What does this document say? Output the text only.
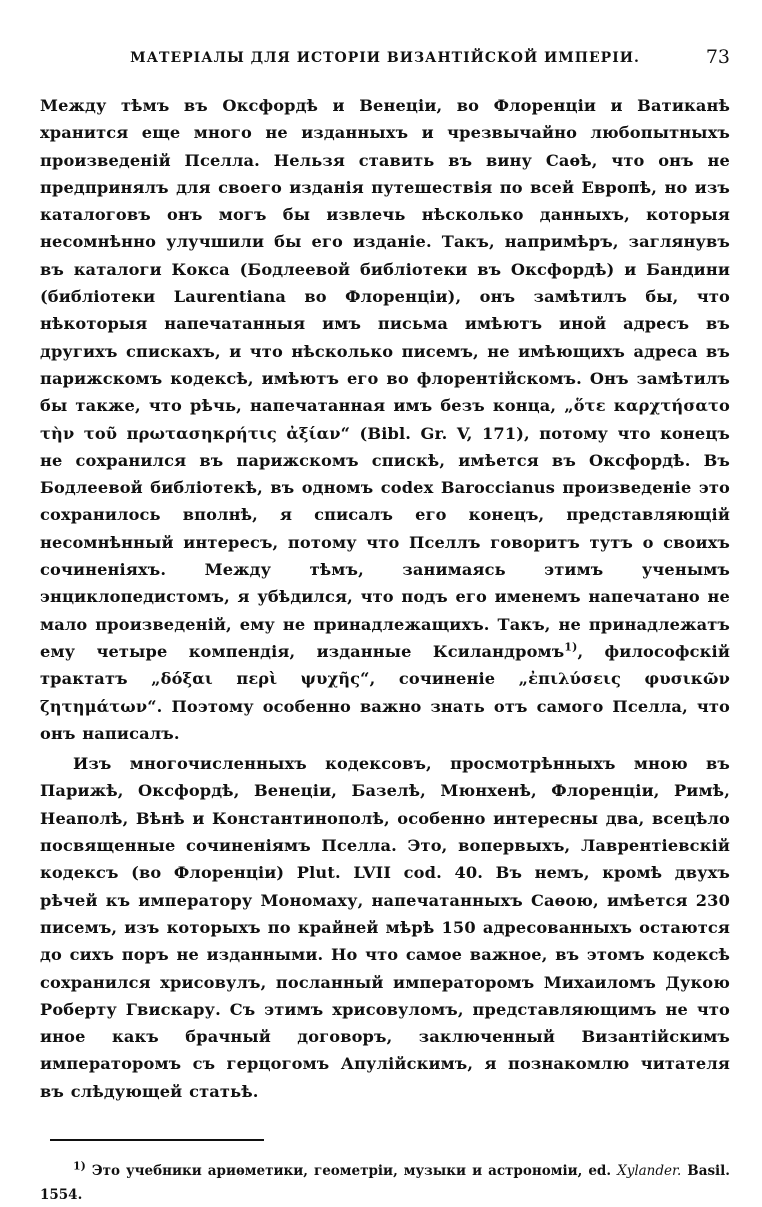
МАТЕРІАЛЫ ДЛЯ ИСТОРІИ ВИЗАНТІЙСКОЙ ИМПЕРІИ.	73

Между тѣмъ въ Оксфордѣ и Венеціи, во Флоренціи и Ватиканѣ хранится еще много не изданныхъ и чрезвычайно любопытныхъ произведеній Пселла. Нельзя ставить въ вину Саѳѣ, что онъ не предпринялъ для своего изданія путешествія по всей Европѣ, но изъ каталоговъ онъ могъ бы извлечь нѣсколько данныхъ, которыя несомнѣнно улучшили бы его изданіе. Такъ, напримѣръ, заглянувъ въ каталоги Кокса (Бодлеевой библіотеки въ Оксфордѣ) и Бандини (библіотеки Laurentiana во Флоренціи), онъ замѣтилъ бы, что нѣкоторыя напечатанныя имъ письма имѣютъ иной адресъ въ другихъ спискахъ, и что нѣсколько писемъ, не имѣющихъ адреса въ парижскомъ кодексѣ, имѣютъ его во флорентійскомъ. Онъ замѣтилъ бы также, что рѣчь, напечатанная имъ безъ конца, „ὅτε καρχτήσατο τὴν τοῦ πρωτασηκρήτις ἀξίαν“ (Bibl. Gr. V, 171), потому что конецъ не сохранился въ парижскомъ спискѣ, имѣется въ Оксфордѣ. Въ Бодлеевой библіотекѣ, въ одномъ codex Baroccianus произведеніе это сохранилось вполнѣ, я списалъ его конецъ, представляющій несомнѣнный интересъ, потому что Пселлъ говоритъ тутъ о своихъ сочиненіяхъ. Между тѣмъ, занимаясь этимъ ученымъ энциклопедистомъ, я убѣдился, что подъ его именемъ напечатано не мало произведеній, ему не принадлежащихъ. Такъ, не принадлежатъ ему четыре компендія, изданные Ксиландромъ$^{1)}$, философскій трактатъ „δόξαι περὶ ψυχῆς“, сочиненіе „ἐπιλύσεις φυσικῶν ζητημάτων“. Поэтому особенно важно знать отъ самого Пселла, что онъ написалъ.

Изъ многочисленныхъ кодексовъ, просмотрѣнныхъ мною въ Парижѣ, Оксфордѣ, Венеціи, Базелѣ, Мюнхенѣ, Флоренціи, Римѣ, Неаполѣ, Вѣнѣ и Константинополѣ, особенно интересны два, всецѣло посвященные сочиненіямъ Пселла. Это, вопервыхъ, Лаврентіевскій кодексъ (во Флоренціи) Plut. LVII cod. 40. Въ немъ, кромѣ двухъ рѣчей къ императору Мономаху, напечатанныхъ Саѳою, имѣется 230 писемъ, изъ которыхъ по крайней мѣрѣ 150 адресованныхъ остаются до сихъ поръ не изданными. Но что самое важное, въ этомъ кодексѣ сохранился хрисовулъ, посланный императоромъ Михаиломъ Дукою Роберту Гвискару. Съ этимъ хрисовуломъ, представляющимъ не что иное какъ брачный договоръ, заключенный Византійскимъ императоромъ съ герцогомъ Апулійскимъ, я познакомлю читателя въ слѣдующей статьѣ.

$^{1)}$ Это учебники ариѳметики, геометріи, музыки и астрономіи, ed. Xylander. Basil. 1554.
